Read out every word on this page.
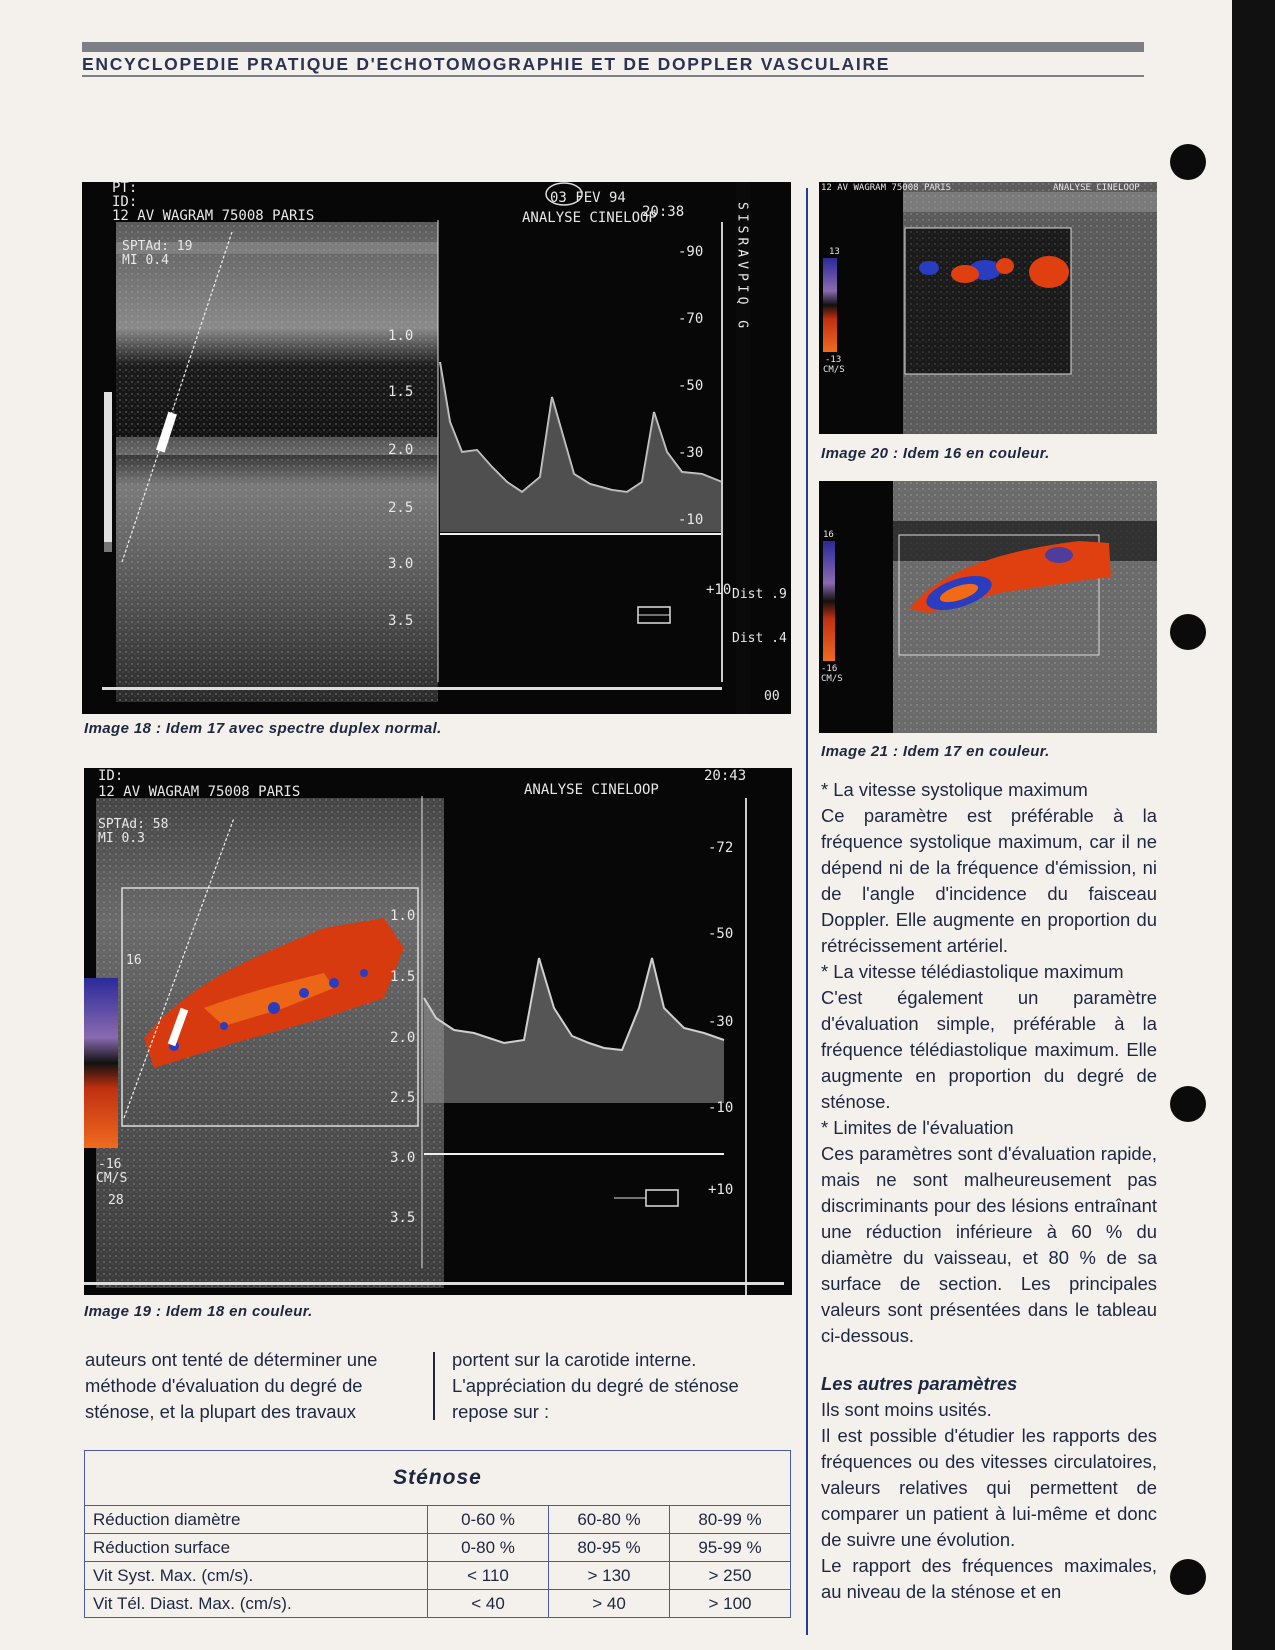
ENCYCLOPEDIE PRATIQUE D'ECHOTOMOGRAPHIE ET DE DOPPLER VASCULAIRE
PT:
ID:
12 AV WAGRAM 75008 PARIS
03 FEV 94
20:38
ANALYSE CINELOOP
SPTAd: 19
MI 0.4
1.0
1.5
2.0
2.5
3.0
3.5
-90
-70
-50
-30
-10
+10
SISRAVPIQ G
Dist .9
Dist .4
00
Image 18 : Idem 17 avec spectre duplex normal.
ID:
12 AV WAGRAM 75008 PARIS
20:43
ANALYSE CINELOOP
SPTAd: 58
MI 0.3
16
-16
CM/S
28
1.0
1.5
2.0
2.5
3.0
3.5
-72
-50
-30
-10
+10
Image 19 : Idem 18 en couleur.
12 AV WAGRAM 75008 PARIS	ANALYSE CINELOOP
13
-13
CM/S
Image 20 : Idem 16 en couleur.
16
-16
CM/S
Image 21 : Idem 17 en couleur.

* La vitesse systolique maximum

Ce paramètre est préférable à la fréquence systolique maximum, car il ne dépend ni de la fréquence d'émission, ni de l'angle d'incidence du faisceau Doppler. Elle augmente en proportion du rétrécissement artériel.

* La vitesse télédiastolique maximum

C'est également un paramètre d'évaluation simple, préférable à la fréquence télédiastolique maximum. Elle augmente en proportion du degré de sténose.

* Limites de l'évaluation

Ces paramètres sont d'évaluation rapide, mais ne sont malheureusement pas discriminants pour des lésions entraînant une réduction inférieure à 60 % du diamètre du vaisseau, et 80 % de sa surface de section. Les principales valeurs sont présentées dans le tableau ci-dessous.

Les autres paramètres

Ils sont moins usités.

Il est possible d'étudier les rapports des fréquences ou des vitesses circulatoires, valeurs relatives qui permettent de comparer un patient à lui-même et donc de suivre une évolution.

Le rapport des fréquences maximales, au niveau de la sténose et en

auteurs ont tenté de déterminer une méthode d'évaluation du degré de sténose, et la plupart des travaux

portent sur la carotide interne. L'appréciation du degré de sténose repose sur :

Sténose			
Réduction diamètre	0-60 %	60-80 %	80-99 %
Réduction surface	0-80 %	80-95 %	95-99 %
Vit Syst. Max. (cm/s).	< 110	> 130	> 250
Vit Tél. Diast. Max. (cm/s).	< 40	> 40	> 100
